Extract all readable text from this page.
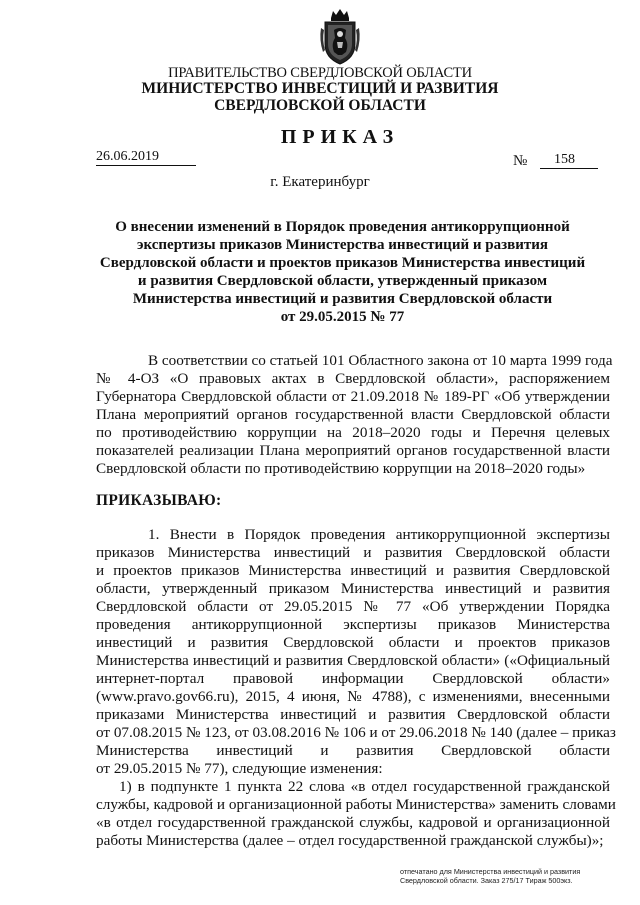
ПРАВИТЕЛЬСТВО СВЕРДЛОВСКОЙ ОБЛАСТИ
МИНИСТЕРСТВО ИНВЕСТИЦИЙ И РАЗВИТИЯ
СВЕРДЛОВСКОЙ ОБЛАСТИ
ПРИКАЗ
26.06.2019	№	158
г. Екатеринбург
О внесении изменений в Порядок проведения антикоррупционной
экспертизы приказов Министерства инвестиций и развития
Свердловской области и проектов приказов Министерства инвестиций
и развития Свердловской области, утвержденный приказом
Министерства инвестиций и развития Свердловской области
от 29.05.2015 № 77
В соответствии со статьей 101 Областного закона от 10 марта 1999 года
№ 4-ОЗ «О правовых актах в Свердловской области», распоряжением
Губернатора Свердловской области от 21.09.2018 № 189-РГ «Об утверждении
Плана мероприятий органов государственной власти Свердловской области
по противодействию коррупции на 2018–2020 годы и Перечня целевых
показателей реализации Плана мероприятий органов государственной власти
Свердловской области по противодействию коррупции на 2018–2020 годы»
ПРИКАЗЫВАЮ:
1. Внести в Порядок проведения антикоррупционной экспертизы
приказов Министерства инвестиций и развития Свердловской области
и проектов приказов Министерства инвестиций и развития Свердловской
области, утвержденный приказом Министерства инвестиций и развития
Свердловской области от 29.05.2015 № 77 «Об утверждении Порядка
проведения антикоррупционной экспертизы приказов Министерства
инвестиций и развития Свердловской области и проектов приказов
Министерства инвестиций и развития Свердловской области» («Официальный
интернет-портал правовой информации Свердловской области»
(www.pravo.gov66.ru), 2015, 4 июня, № 4788), с изменениями, внесенными
приказами Министерства инвестиций и развития Свердловской области
от 07.08.2015 № 123, от 03.08.2016 № 106 и от 29.06.2018 № 140 (далее – приказ
Министерства инвестиций и развития Свердловской области
от 29.05.2015 № 77), следующие изменения:
1) в подпункте 1 пункта 22 слова «в отдел государственной гражданской
службы, кадровой и организационной работы Министерства» заменить словами
«в отдел государственной гражданской службы, кадровой и организационной
работы Министерства (далее – отдел государственной гражданской службы)»;
отпечатано для Министерства инвестиций и развития
Свердловской области. Заказ 275/17 Тираж 500экз.
